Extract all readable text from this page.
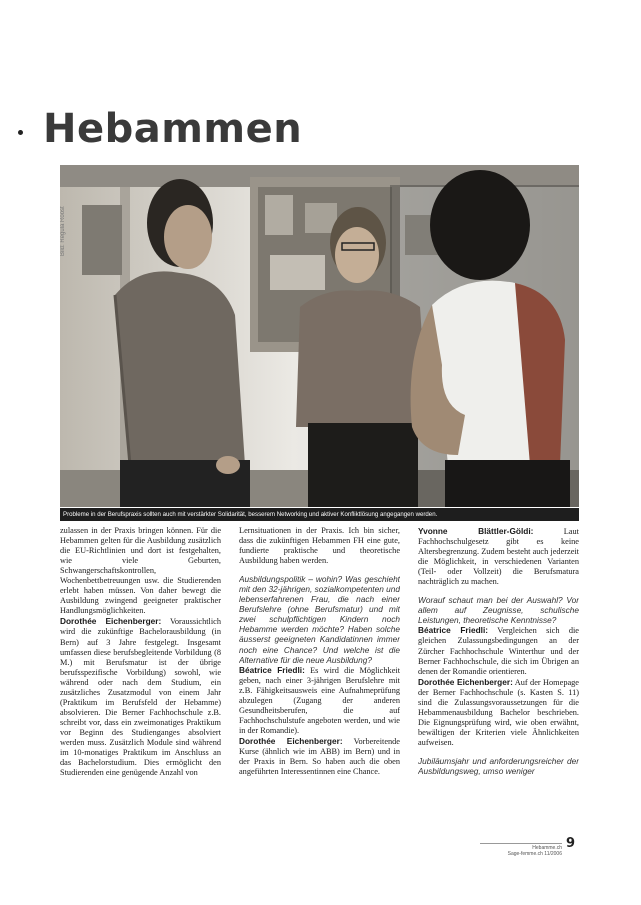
Hebammen
Bild: Regula Roost
Probleme in der Berufspraxis sollten auch mit verstärkter Solidarität, besserem Networking und aktiver Konfliktlösung angegangen werden.

zulassen in der Praxis bringen können. Für die Hebammen gelten für die Ausbildung zusätzlich die EU-Richtlinien und dort ist festgehalten, wie viele Geburten, Schwangerschaftskontrollen, Wochenbettbetreuungen usw. die Studierenden erlebt haben müssen. Von daher bewegt die Ausbildung zwingend geeigneter praktischer Handlungsmöglichkeiten.

Dorothée Eichenberger: Voraussichtlich wird die zukünftige Bachelorausbildung (in Bern) auf 3 Jahre festgelegt. Insgesamt umfassen diese berufsbegleitende Vorbildung (8 M.) mit Berufsmatur ist der übrige berufsspezifische Vorbildung) sowohl, wie während oder nach dem Studium, ein zusätzliches Zusatzmodul von einem Jahr (Praktikum im Berufsfeld der Hebamme) absolvieren. Die Berner Fachhochschule z.B. schreibt vor, dass ein zweimonatiges Praktikum vor Beginn des Studienganges absolviert werden muss. Zusätzlich Module sind während im 10-monatiges Praktikum im Anschluss an das Bachelorstudium. Dies ermöglicht den Studierenden eine genügende Anzahl von

Lernsituationen in der Praxis. Ich bin sicher, dass die zukünftigen Hebammen FH eine gute, fundierte praktische und theoretische Ausbildung haben werden.

Ausbildungspolitik – wohin? Was geschieht mit den 32-jährigen, sozialkompetenten und lebenserfahrenen Frau, die nach einer Berufslehre (ohne Berufsmatur) und mit zwei schulpflichtigen Kindern noch Hebamme werden möchte? Haben solche äusserst geeigneten Kandidatinnen immer noch eine Chance? Und welche ist die Alternative für die neue Ausbildung?

Béatrice Friedli: Es wird die Möglichkeit geben, nach einer 3-jährigen Berufslehre mit z.B. Fähigkeitsausweis eine Aufnahmeprüfung abzulegen (Zugang der anderen Gesundheitsberufen, die auf Fachhochschulstufe angeboten werden, und wie in der Romandie).

Dorothée Eichenberger: Vorbereitende Kurse (ähnlich wie im ABB) im Bern) und in der Praxis in Bern. So haben auch die oben angeführten Interessentinnen eine Chance.

Yvonne Blättler-Göldi:	Laut Fachhochschulgesetz gibt es keine Altersbegrenzung. Zudem besteht auch jederzeit die Möglichkeit, in verschiedenen Varianten (Teil- oder Vollzeit) die Berufsmatura nachträglich zu machen.

Worauf schaut man bei der Auswahl? Vor allem auf Zeugnisse, schulische Leistungen, theoretische Kenntnisse?

Béatrice Friedli: Vergleichen sich die gleichen Zulassungsbedingungen an der Zürcher Fachhochschule Winterthur und der Berner Fachhochschule, die sich im Übrigen an denen der Romandie orientieren.

Dorothée Eichenberger: Auf der Homepage der Berner Fachhochschule (s. Kasten S. 11) sind die Zulassungsvoraussetzungen für die Hebammenausbildung Bachelor beschrieben. Die Eignungsprüfung wird, wie oben erwähnt, bewältigen der Kriterien viele Ähnlichkeiten aufweisen.

Jubiläumsjahr und anforderungsreicher der Ausbildungsweg, umso weniger

Hebamme.ch
Sage-femme.ch 11/2006
9
